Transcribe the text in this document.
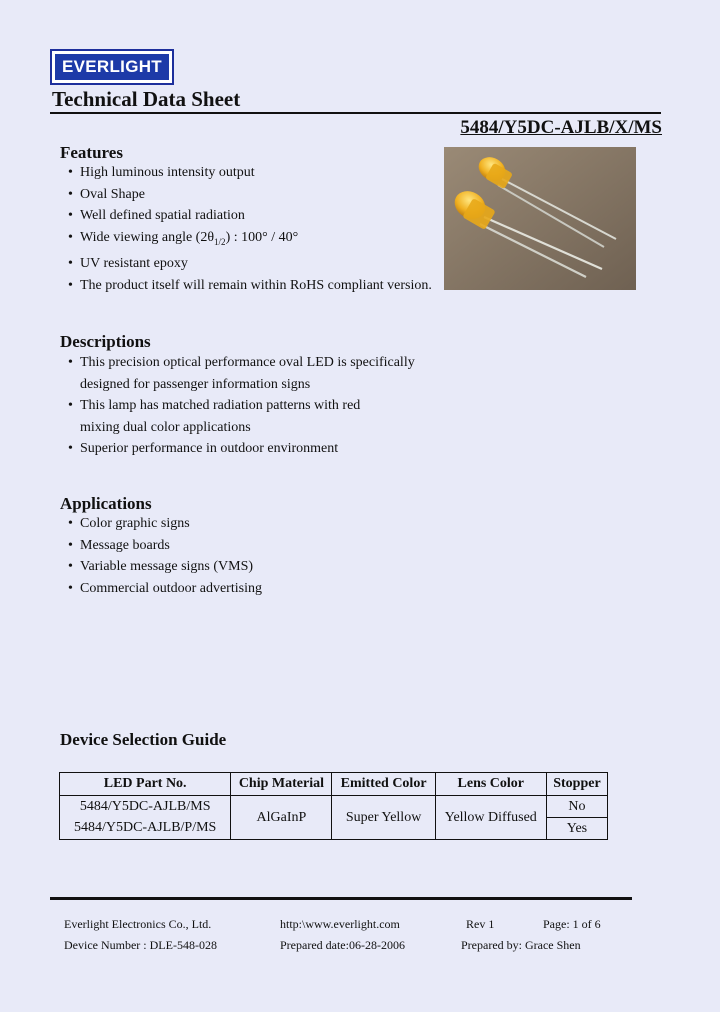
EVERLIGHT
Technical Data Sheet
5484/Y5DC-AJLB/X/MS
Features
• High luminous intensity output
• Oval Shape
• Well defined spatial radiation
• Wide viewing angle $(2\theta_{1/2})$ : 100° / 40°
• UV resistant epoxy
• The product itself will remain within RoHS compliant version.
Descriptions
• This precision optical performance oval LED is specifically
designed for passenger information signs
• This lamp has matched radiation patterns with red
mixing dual color applications
• Superior performance in outdoor environment
Applications
• Color graphic signs
• Message boards
• Variable message signs (VMS)
• Commercial outdoor advertising
Device Selection Guide
LED Part No.	Chip Material	Emitted Color	Lens Color	Stopper
5484/Y5DC-AJLB/MS	AlGaInP	Super Yellow	Yellow Diffused	No
5484/Y5DC-AJLB/P/MS				Yes
Everlight Electronics Co., Ltd.	http:\www.everlight.com	Rev 1	Page: 1 of 6
Device Number : DLE-548-028	Prepared date:06-28-2006	Prepared by: Grace Shen
